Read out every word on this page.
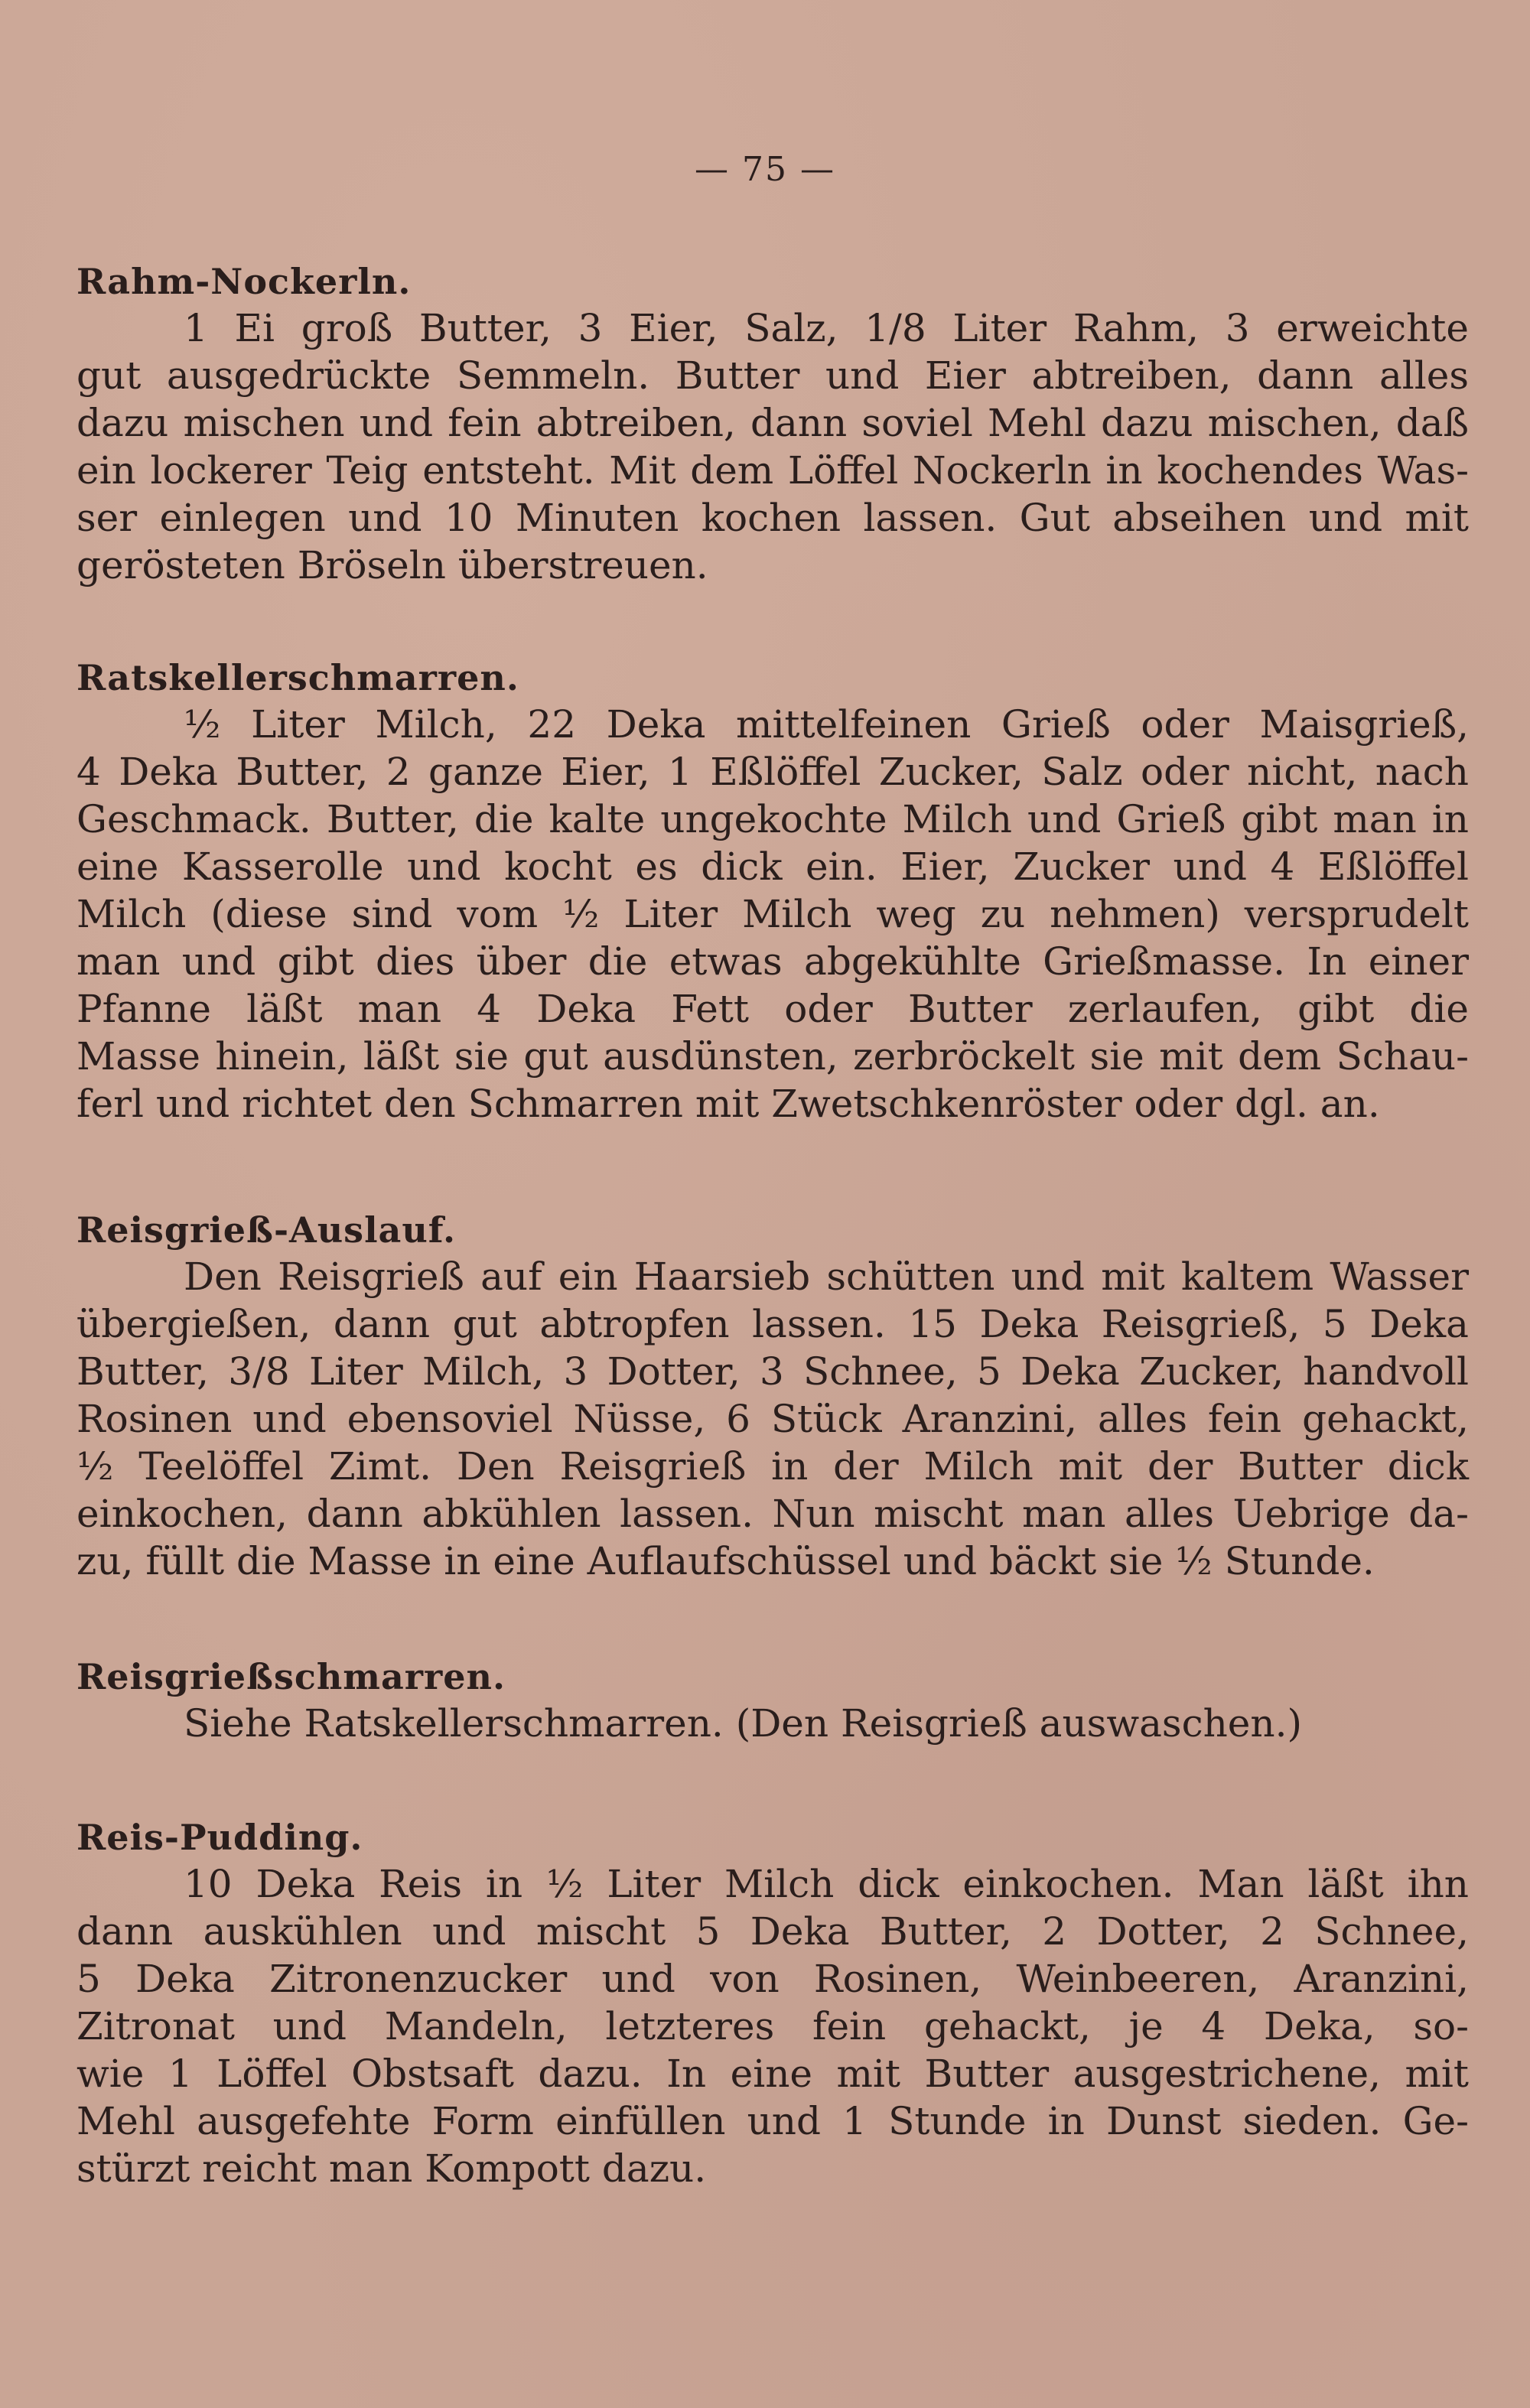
— 75 —
Rahm-Nockerln.
1 Ei groß Butter, 3 Eier, Salz, 1/8 Liter Rahm, 3 erweichte
gut ausgedrückte Semmeln. Butter und Eier abtreiben, dann alles
dazu mischen und fein abtreiben, dann soviel Mehl dazu mischen, daß
ein lockerer Teig entsteht. Mit dem Löffel Nockerln in kochendes Was-
ser einlegen und 10 Minuten kochen lassen. Gut abseihen und mit
gerösteten Bröseln überstreuen.
Ratskellerschmarren.
½ Liter Milch, 22 Deka mittelfeinen Grieß oder Maisgrieß,
4 Deka Butter, 2 ganze Eier, 1 Eßlöffel Zucker, Salz oder nicht, nach
Geschmack. Butter, die kalte ungekochte Milch und Grieß gibt man in
eine Kasserolle und kocht es dick ein. Eier, Zucker und 4 Eßlöffel
Milch (diese sind vom ½ Liter Milch weg zu nehmen) versprudelt
man und gibt dies über die etwas abgekühlte Grießmasse. In einer
Pfanne läßt man 4 Deka Fett oder Butter zerlaufen, gibt die
Masse hinein, läßt sie gut ausdünsten, zerbröckelt sie mit dem Schau-
ferl und richtet den Schmarren mit Zwetschkenröster oder dgl. an.
Reisgrieß-Auslauf.
Den Reisgrieß auf ein Haarsieb schütten und mit kaltem Wasser
übergießen, dann gut abtropfen lassen. 15 Deka Reisgrieß, 5 Deka
Butter, 3/8 Liter Milch, 3 Dotter, 3 Schnee, 5 Deka Zucker, handvoll
Rosinen und ebensoviel Nüsse, 6 Stück Aranzini, alles fein gehackt,
½ Teelöffel Zimt. Den Reisgrieß in der Milch mit der Butter dick
einkochen, dann abkühlen lassen. Nun mischt man alles Uebrige da-
zu, füllt die Masse in eine Auflaufschüssel und bäckt sie ½ Stunde.
Reisgrießschmarren.
Siehe Ratskellerschmarren. (Den Reisgrieß auswaschen.)
Reis-Pudding.
10 Deka Reis in ½ Liter Milch dick einkochen. Man läßt ihn
dann auskühlen und mischt 5 Deka Butter, 2 Dotter, 2 Schnee,
5 Deka Zitronenzucker und von Rosinen, Weinbeeren, Aranzini,
Zitronat und Mandeln, letzteres fein gehackt, je 4 Deka, so-
wie 1 Löffel Obstsaft dazu. In eine mit Butter ausgestrichene, mit
Mehl ausgefehte Form einfüllen und 1 Stunde in Dunst sieden. Ge-
stürzt reicht man Kompott dazu.
